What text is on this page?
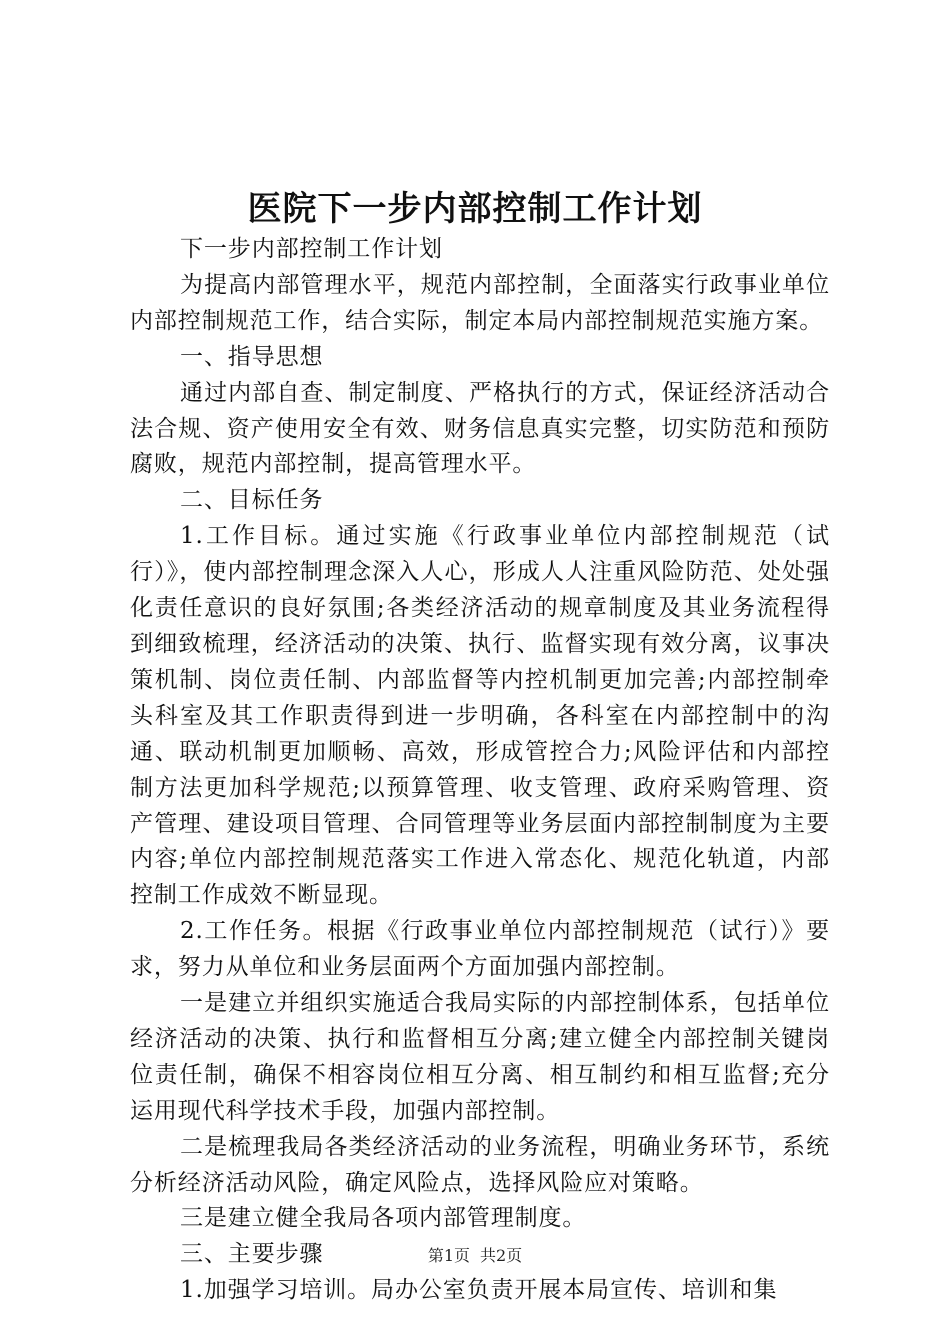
医院下一步内部控制工作计划

下一步内部控制工作计划

为提高内部管理水平，规范内部控制，全面落实行政事业单位内部控制规范工作，结合实际，制定本局内部控制规范实施方案。

一、指导思想

通过内部自查、制定制度、严格执行的方式，保证经济活动合法合规、资产使用安全有效、财务信息真实完整，切实防范和预防腐败，规范内部控制，提高管理水平。

二、目标任务

1.工作目标。通过实施《行政事业单位内部控制规范（试行）》，使内部控制理念深入人心，形成人人注重风险防范、处处强化责任意识的良好氛围;各类经济活动的规章制度及其业务流程得到细致梳理，经济活动的决策、执行、监督实现有效分离，议事决策机制、岗位责任制、内部监督等内控机制更加完善;内部控制牵头科室及其工作职责得到进一步明确，各科室在内部控制中的沟通、联动机制更加顺畅、高效，形成管控合力;风险评估和内部控制方法更加科学规范;以预算管理、收支管理、政府采购管理、资产管理、建设项目管理、合同管理等业务层面内部控制制度为主要内容;单位内部控制规范落实工作进入常态化、规范化轨道，内部控制工作成效不断显现。

2.工作任务。根据《行政事业单位内部控制规范（试行）》要求，努力从单位和业务层面两个方面加强内部控制。

一是建立并组织实施适合我局实际的内部控制体系，包括单位经济活动的决策、执行和监督相互分离;建立健全内部控制关键岗位责任制，确保不相容岗位相互分离、相互制约和相互监督;充分运用现代科学技术手段，加强内部控制。

二是梳理我局各类经济活动的业务流程，明确业务环节，系统分析经济活动风险，确定风险点，选择风险应对策略。

三是建立健全我局各项内部管理制度。

三、主要步骤

1.加强学习培训。局办公室负责开展本局宣传、培训和集

第1页 共2页
